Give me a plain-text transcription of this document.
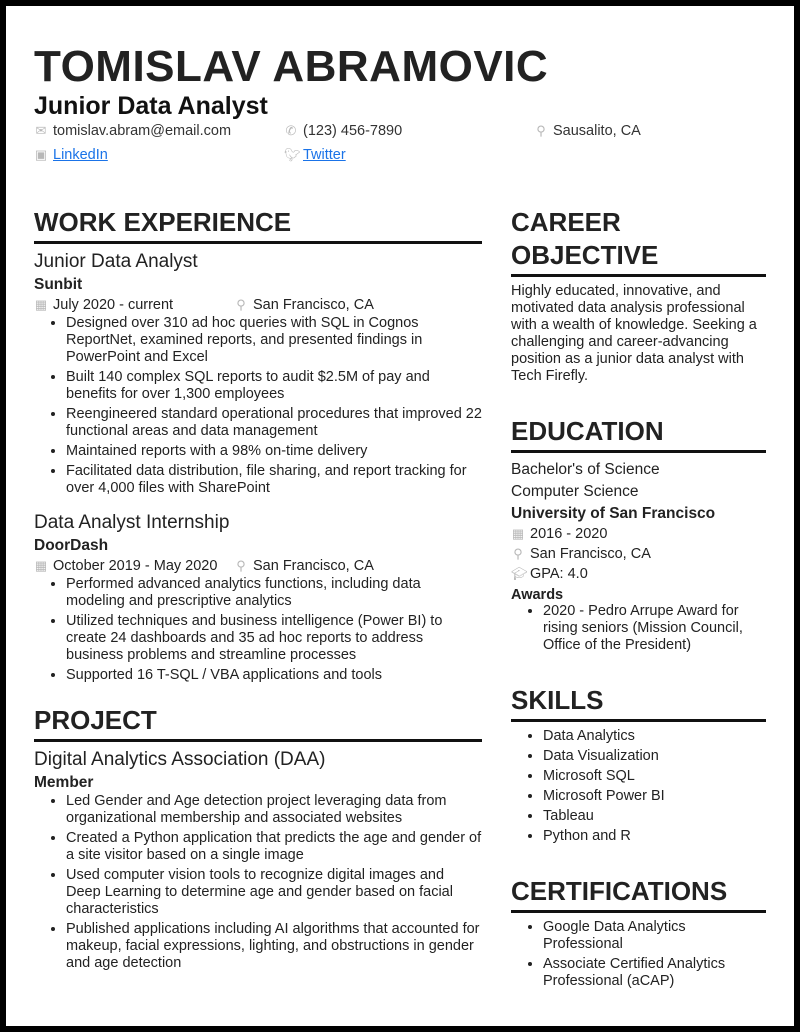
TOMISLAV ABRAMOVIC
Junior Data Analyst
✉ tomislav.abram@email.com	✆ (123) 456-7890	⚲ Sausalito, CA
▣ LinkedIn	🐦︎ Twitter
WORK EXPERIENCE
Junior Data Analyst
Sunbit
▦ July 2020 - current	⚲ San Francisco, CA
• Designed over 310 ad hoc queries with SQL in Cognos ReportNet, examined reports, and presented findings in PowerPoint and Excel
• Built 140 complex SQL reports to audit $2.5M of pay and benefits for over 1,300 employees
• Reengineered standard operational procedures that improved 22 functional areas and data management
• Maintained reports with a 98% on-time delivery
• Facilitated data distribution, file sharing, and report tracking for over 4,000 files with SharePoint
Data Analyst Internship
DoorDash
▦ October 2019 - May 2020 ⚲ San Francisco, CA
• Performed advanced analytics functions, including data modeling and prescriptive analytics
• Utilized techniques and business intelligence (Power BI) to create 24 dashboards and 35 ad hoc reports to address business problems and streamline processes
• Supported 16 T-SQL / VBA applications and tools
PROJECT
Digital Analytics Association (DAA)
Member
• Led Gender and Age detection project leveraging data from organizational membership and associated websites
• Created a Python application that predicts the age and gender of a site visitor based on a single image
• Used computer vision tools to recognize digital images and Deep Learning to determine age and gender based on facial characteristics
• Published applications including AI algorithms that accounted for makeup, facial expressions, lighting, and obstructions in gender and age detection
CAREER OBJECTIVE

Highly educated, innovative, and motivated data analysis professional with a wealth of knowledge. Seeking a challenging and career-advancing position as a junior data analyst with Tech Firefly.

EDUCATION
Bachelor's of Science
Computer Science
University of San Francisco
▦ 2016 - 2020
⚲ San Francisco, CA
🎓︎ GPA: 4.0
Awards
• 2020 - Pedro Arrupe Award for rising seniors (Mission Council, Office of the President)
SKILLS
• Data Analytics
• Data Visualization
• Microsoft SQL
• Microsoft Power BI
• Tableau
• Python and R
CERTIFICATIONS
• Google Data Analytics Professional
• Associate Certified Analytics Professional (aCAP)
